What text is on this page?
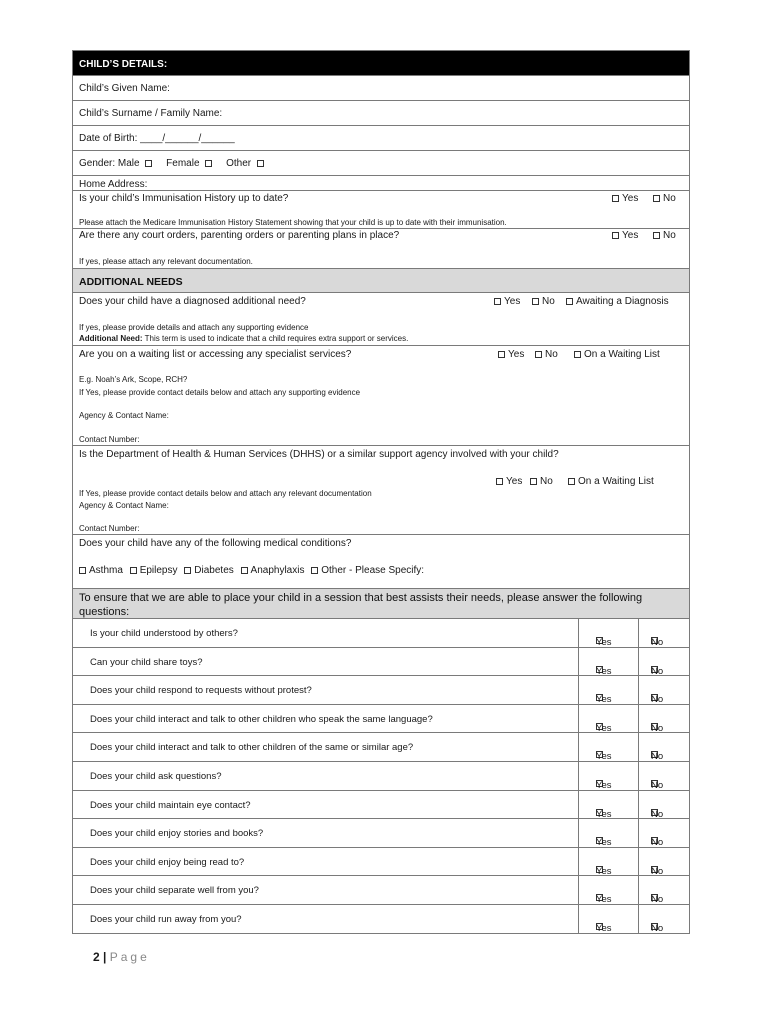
CHILD’S DETAILS:
Child’s Given Name:
Child’s Surname / Family Name:
Date of Birth: ____/______/______
Gender: Male	Female	Other
Home Address:
Is your child’s Immunisation History up to date?	Yes	No
Please attach the Medicare Immunisation History Statement showing that your child is up to date with their immunisation.
Are there any court orders, parenting orders or parenting plans in place?	Yes	No
If yes, please attach any relevant documentation.
ADDITIONAL NEEDS
Does your child have a diagnosed additional need?	Yes	No	Awaiting a Diagnosis
If yes, please provide details and attach any supporting evidence
Additional Need: This term is used to indicate that a child requires extra support or services.
Are you on a waiting list or accessing any specialist services?	Yes	No	On a Waiting List
E.g. Noah’s Ark, Scope, RCH?
If Yes, please provide contact details below and attach any supporting evidence
Agency & Contact Name:
Contact Number:
Is the Department of Health & Human Services (DHHS) or a similar support agency involved with your child?
Yes	No	On a Waiting List
If Yes, please provide contact details below and attach any relevant documentation
Agency & Contact Name:
Contact Number:
Does your child have any of the following medical conditions?
Asthma Epilepsy Diabetes Anaphylaxis Other - Please Specify:
To ensure that we are able to place your child in a session that best assists their needs, please answer the following questions:
Is your child understood by others?
Yes	No
Can your child share toys?
Yes	No
Does your child respond to requests without protest?
Yes	No
Does your child interact and talk to other children who speak the same language?
Yes	No
Does your child interact and talk to other children of the same or similar age?
Yes	No
Does your child ask questions?
Yes	No
Does your child maintain eye contact?
Yes	No
Does your child enjoy stories and books?
Yes	No
Does your child enjoy being read to?
Yes	No
Does your child separate well from you?
Yes	No
Does your child run away from you?
Yes	No
2 | Page
